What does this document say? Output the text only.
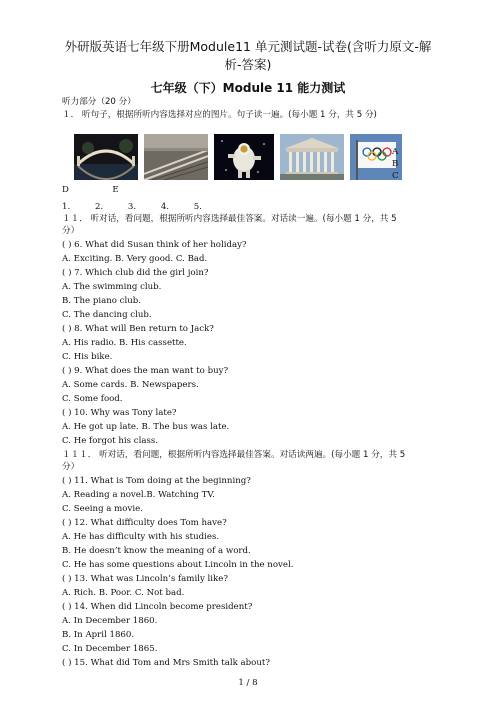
外研版英语七年级下册Module11 单元测试题-试卷(含听力原文-解
析-答案)
七年级（下）Module 11 能力测试
听力部分（20 分）
１． 听句子，根据所听内容选择对应的图片。句子读一遍。(每小题 1 分，共 5 分)
A
B
C
D	E
1.	2.	3.	4.	5.
１１． 听对话，看问题，根据所听内容选择最佳答案。对话读一遍。(每小题 1 分，共 5
分）
( ) 6. What did Susan think of her holiday?
A. Exciting. B. Very good. C. Bad.
( ) 7. Which club did the girl join?
A. The swimming club.
B. The piano club.
C. The dancing club.
( ) 8. What will Ben return to Jack?
A. His radio. B. His cassette.
C. His bike.
( ) 9. What does the man want to buy?
A. Some cards. B. Newspapers.
C. Some food.
( ) 10. Why was Tony late?
A. He got up late. B. The bus was late.
C. He forgot his class.
１１１． 听对话，看问题，根据所听内容选择最佳答案。对话读两遍。(每小题 1 分，共 5
分）
( ) 11. What is Tom doing at the beginning?
A. Reading a novel.B. Watching TV.
C. Seeing a movie.
( ) 12. What difficulty does Tom have?
A. He has difficulty with his studies.
B. He doesn’t know the meaning of a word.
C. He has some questions about Lincoln in the novel.
( ) 13. What was Lincoln’s family like?
A. Rich. B. Poor. C. Not bad.
( ) 14. When did Lincoln become president?
A. In December 1860.
B. In April 1860.
C. In December 1865.
( ) 15. What did Tom and Mrs Smith talk about?
1 / 8
